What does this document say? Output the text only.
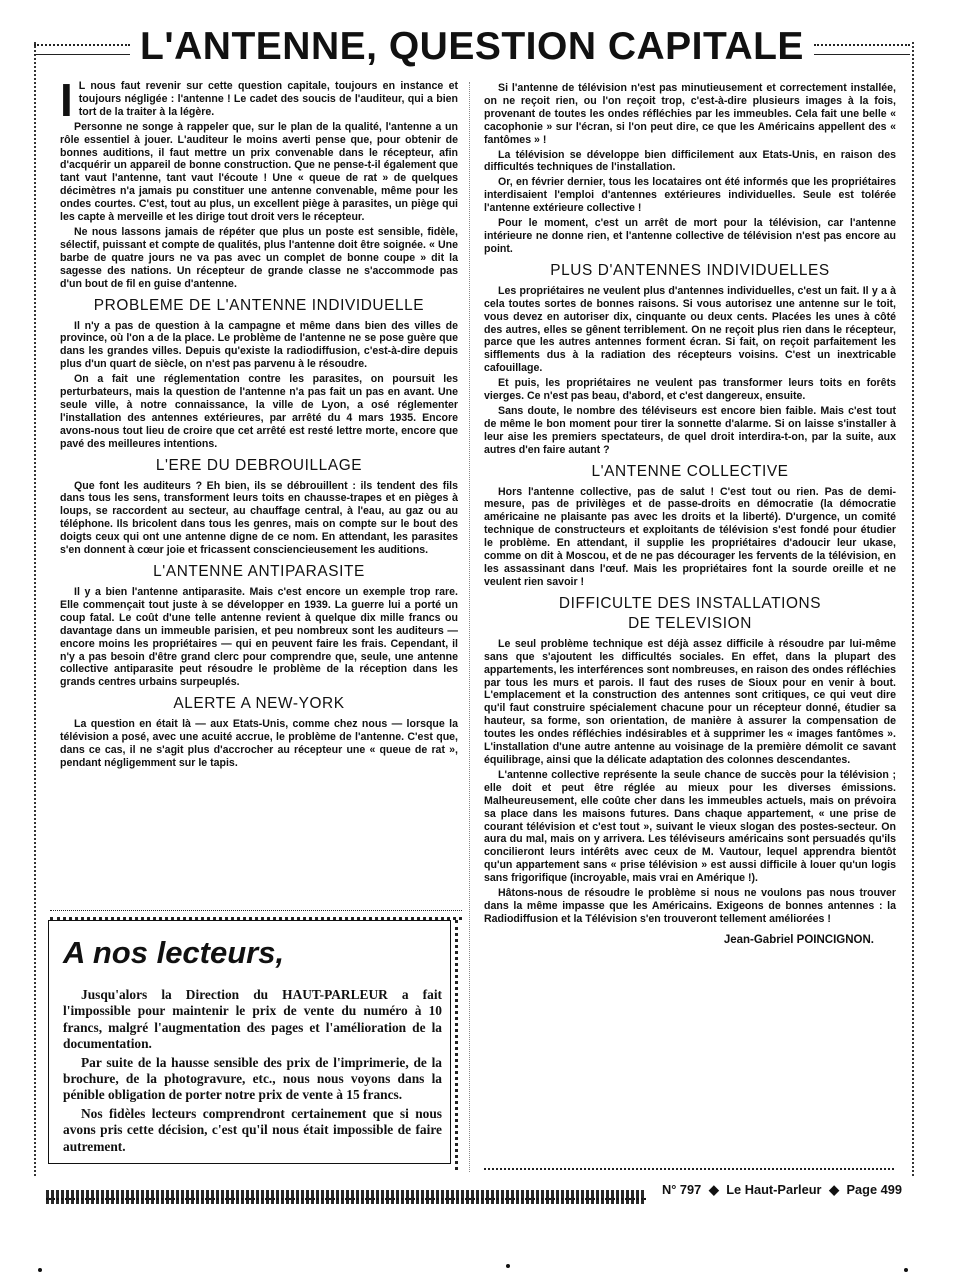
L'ANTENNE, QUESTION CAPITALE

I L nous faut revenir sur cette question capitale, toujours en instance et toujours négligée : l'antenne ! Le cadet des soucis de l'auditeur, qui a bien tort de la traiter à la légère.

Personne ne songe à rappeler que, sur le plan de la qualité, l'antenne a un rôle essentiel à jouer. L'auditeur le moins averti pense que, pour obtenir de bonnes auditions, il faut mettre un prix convenable dans le récepteur, afin d'acquérir un appareil de bonne construction. Que ne pense-t-il également que tant vaut l'antenne, tant vaut l'écoute ! Une « queue de rat » de quelques décimètres n'a jamais pu constituer une antenne convenable, même pour les ondes courtes. C'est, tout au plus, un excellent piège à parasites, un piège qui les capte à merveille et les dirige tout droit vers le récepteur.

Ne nous lassons jamais de répéter que plus un poste est sensible, fidèle, sélectif, puissant et compte de qualités, plus l'antenne doit être soignée. « Une barbe de quatre jours ne va pas avec un complet de bonne coupe » dit la sagesse des nations. Un récepteur de grande classe ne s'accommode pas d'un bout de fil en guise d'antenne.

PROBLEME DE L'ANTENNE INDIVIDUELLE

Il n'y a pas de question à la campagne et même dans bien des villes de province, où l'on a de la place. Le problème de l'antenne ne se pose guère que dans les grandes villes. Depuis qu'existe la radiodiffusion, c'est-à-dire depuis plus d'un quart de siècle, on n'est pas parvenu à le résoudre.

On a fait une réglementation contre les parasites, on poursuit les perturbateurs, mais la question de l'antenne n'a pas fait un pas en avant. Une seule ville, à notre connaissance, la ville de Lyon, a osé réglementer l'installation des antennes extérieures, par arrêté du 4 mars 1935. Encore avons-nous tout lieu de croire que cet arrêté est resté lettre morte, encore que pavé des meilleures intentions.

L'ERE DU DEBROUILLAGE

Que font les auditeurs ? Eh bien, ils se débrouillent : ils tendent des fils dans tous les sens, transforment leurs toits en chausse-trapes et en pièges à loups, se raccordent au secteur, au chauffage central, à l'eau, au gaz ou au téléphone. Ils bricolent dans tous les genres, mais on compte sur le bout des doigts ceux qui ont une antenne digne de ce nom. En attendant, les parasites s'en donnent à cœur joie et fricassent consciencieusement les auditions.

L'ANTENNE ANTIPARASITE

Il y a bien l'antenne antiparasite. Mais c'est encore un exemple trop rare. Elle commençait tout juste à se développer en 1939. La guerre lui a porté un coup fatal. Le coût d'une telle antenne revient à quelque dix mille francs ou davantage dans un immeuble parisien, et peu nombreux sont les auditeurs — encore moins les propriétaires — qui en peuvent faire les frais. Cependant, il n'y a pas besoin d'être grand clerc pour comprendre que, seule, une antenne collective antiparasite peut résoudre le problème de la réception dans les grands centres urbains surpeuplés.

ALERTE A NEW-YORK

La question en était là — aux Etats-Unis, comme chez nous — lorsque la télévision a posé, avec une acuité accrue, le problème de l'antenne. C'est que, dans ce cas, il ne s'agit plus d'accrocher au récepteur une « queue de rat », pendant négligemment sur le tapis.

A nos lecteurs,

Jusqu'alors la Direction du HAUT-PARLEUR a fait l'impossible pour maintenir le prix de vente du numéro à 10 francs, malgré l'augmentation des pages et l'amélioration de la documentation.

Par suite de la hausse sensible des prix de l'imprimerie, de la brochure, de la photogravure, etc., nous nous voyons dans la pénible obligation de porter notre prix de vente à 15 francs.

Nos fidèles lecteurs comprendront certainement que si nous avons pris cette décision, c'est qu'il nous était impossible de faire autrement.

Si l'antenne de télévision n'est pas minutieusement et correctement installée, on ne reçoit rien, ou l'on reçoit trop, c'est-à-dire plusieurs images à la fois, provenant de toutes les ondes réfléchies par les immeubles. Cela fait une belle « cacophonie » sur l'écran, si l'on peut dire, ce que les Américains appellent des « fantômes » !

La télévision se développe bien difficilement aux Etats-Unis, en raison des difficultés techniques de l'installation.

Or, en février dernier, tous les locataires ont été informés que les propriétaires interdisaient l'emploi d'antennes extérieures individuelles. Seule est tolérée l'antenne extérieure collective !

Pour le moment, c'est un arrêt de mort pour la télévision, car l'antenne intérieure ne donne rien, et l'antenne collective de télévision n'est pas encore au point.

PLUS D'ANTENNES INDIVIDUELLES

Les propriétaires ne veulent plus d'antennes individuelles, c'est un fait. Il y a à cela toutes sortes de bonnes raisons. Si vous autorisez une antenne sur le toit, vous devez en autoriser dix, cinquante ou deux cents. Placées les unes à côté des autres, elles se gênent terriblement. On ne reçoit plus rien dans le récepteur, parce que les autres antennes forment écran. Si fait, on reçoit parfaitement les sifflements dus à la radiation des récepteurs voisins. C'est un inextricable cafouillage.

Et puis, les propriétaires ne veulent pas transformer leurs toits en forêts vierges. Ce n'est pas beau, d'abord, et c'est dangereux, ensuite.

Sans doute, le nombre des téléviseurs est encore bien faible. Mais c'est tout de même le bon moment pour tirer la sonnette d'alarme. Si on laisse s'installer à leur aise les premiers spectateurs, de quel droit interdira-t-on, par la suite, aux autres d'en faire autant ?

L'ANTENNE COLLECTIVE

Hors l'antenne collective, pas de salut ! C'est tout ou rien. Pas de demi-mesure, pas de privilèges et de passe-droits en démocratie (la démocratie américaine ne plaisante pas avec les droits et la liberté). D'urgence, un comité technique de constructeurs et exploitants de télévision s'est fondé pour étudier le problème. En attendant, il supplie les propriétaires d'adoucir leur ukase, comme on dit à Moscou, et de ne pas décourager les fervents de la télévision, en les assassinant dans l'œuf. Mais les propriétaires font la sourde oreille et ne veulent rien savoir !

DIFFICULTE DES INSTALLATIONS
DE TELEVISION

Le seul problème technique est déjà assez difficile à résoudre par lui-même sans que s'ajoutent les difficultés sociales. En effet, dans la plupart des appartements, les interférences sont nombreuses, en raison des ondes réfléchies par tous les murs et parois. Il faut des ruses de Sioux pour en venir à bout. L'emplacement et la construction des antennes sont critiques, ce qui veut dire qu'il faut construire spécialement chacune pour un récepteur donné, étudier sa hauteur, sa forme, son orientation, de manière à assurer la compensation de toutes les ondes réfléchies indésirables et à supprimer les « images fantômes ». L'installation d'une autre antenne au voisinage de la première démolit ce savant équilibrage, ainsi que la délicate adaptation des colonnes descendantes.

L'antenne collective représente la seule chance de succès pour la télévision ; elle doit et peut être réglée au mieux pour les diverses émissions. Malheureusement, elle coûte cher dans les immeubles actuels, mais on prévoira sa place dans les maisons futures. Dans chaque appartement, « une prise de courant télévision et c'est tout », suivant le vieux slogan des postes-secteur. On aura du mal, mais on y arrivera. Les téléviseurs américains sont persuadés qu'ils concilieront leurs intérêts avec ceux de M. Vautour, lequel apprendra bientôt qu'un appartement sans « prise télévision » est aussi difficile à louer qu'un logis sans frigorifique (incroyable, mais vrai en Amérique !).

Hâtons-nous de résoudre le problème si nous ne voulons pas nous trouver dans la même impasse que les Américains. Exigeons de bonnes antennes : la Radiodiffusion et la Télévision s'en trouveront tellement améliorées !

Jean-Gabriel POINCIGNON.
N° 797 ◆ Le Haut-Parleur ◆ Page 499
